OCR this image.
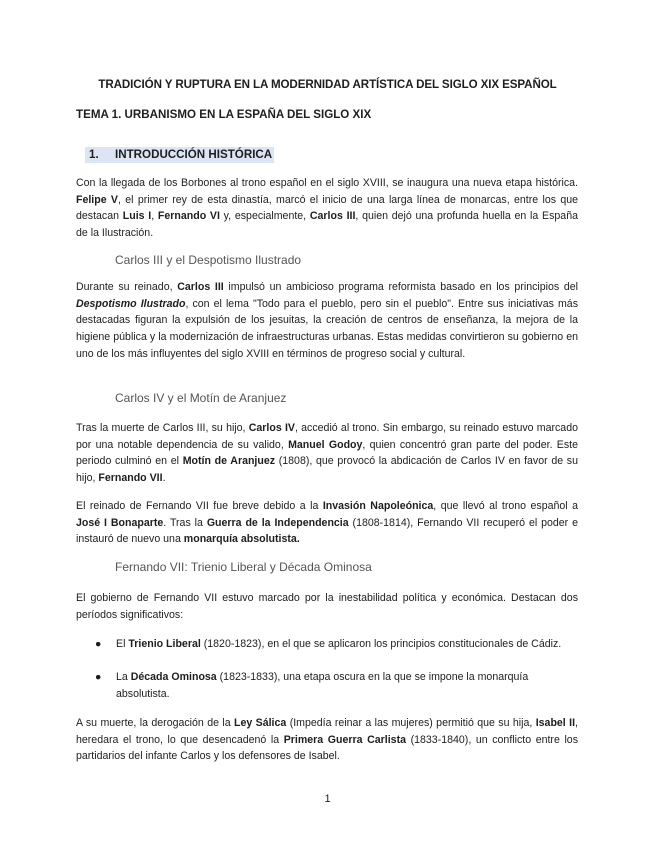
TRADICIÓN Y RUPTURA EN LA MODERNIDAD ARTÍSTICA DEL SIGLO XIX ESPAÑOL
TEMA 1. URBANISMO EN LA ESPAÑA DEL SIGLO XIX
1. INTRODUCCIÓN HISTÓRICA

Con la llegada de los Borbones al trono español en el siglo XVIII, se inaugura una nueva etapa histórica. Felipe V, el primer rey de esta dinastía, marcó el inicio de una larga línea de monarcas, entre los que destacan Luis I, Fernando VI y, especialmente, Carlos III, quien dejó una profunda huella en la España de la Ilustración.

Carlos III y el Despotismo Ilustrado

Durante su reinado, Carlos III impulsó un ambicioso programa reformista basado en los principios del Despotismo Ilustrado, con el lema "Todo para el pueblo, pero sin el pueblo". Entre sus iniciativas más destacadas figuran la expulsión de los jesuitas, la creación de centros de enseñanza, la mejora de la higiene pública y la modernización de infraestructuras urbanas. Estas medidas convirtieron su gobierno en uno de los más influyentes del siglo XVIII en términos de progreso social y cultural.

Carlos IV y el Motín de Aranjuez

Tras la muerte de Carlos III, su hijo, Carlos IV, accedió al trono. Sin embargo, su reinado estuvo marcado por una notable dependencia de su valido, Manuel Godoy, quien concentró gran parte del poder. Este periodo culminó en el Motín de Aranjuez (1808), que provocó la abdicación de Carlos IV en favor de su hijo, Fernando VII.

El reinado de Fernando VII fue breve debido a la Invasión Napoleónica, que llevó al trono español a José I Bonaparte. Tras la Guerra de la Independencia (1808-1814), Fernando VII recuperó el poder e instauró de nuevo una monarquía absolutista.

Fernando VII: Trienio Liberal y Década Ominosa

El gobierno de Fernando VII estuvo marcado por la inestabilidad política y económica. Destacan dos períodos significativos:

● El Trienio Liberal (1820-1823), en el que se aplicaron los principios constitucionales de Cádiz.
● La Década Ominosa (1823-1833), una etapa oscura en la que se impone la monarquía absolutista.

A su muerte, la derogación de la Ley Sálica (Impedía reinar a las mujeres) permitió que su hija, Isabel II, heredara el trono, lo que desencadenó la Primera Guerra Carlista (1833-1840), un conflicto entre los partidarios del infante Carlos y los defensores de Isabel.

1
